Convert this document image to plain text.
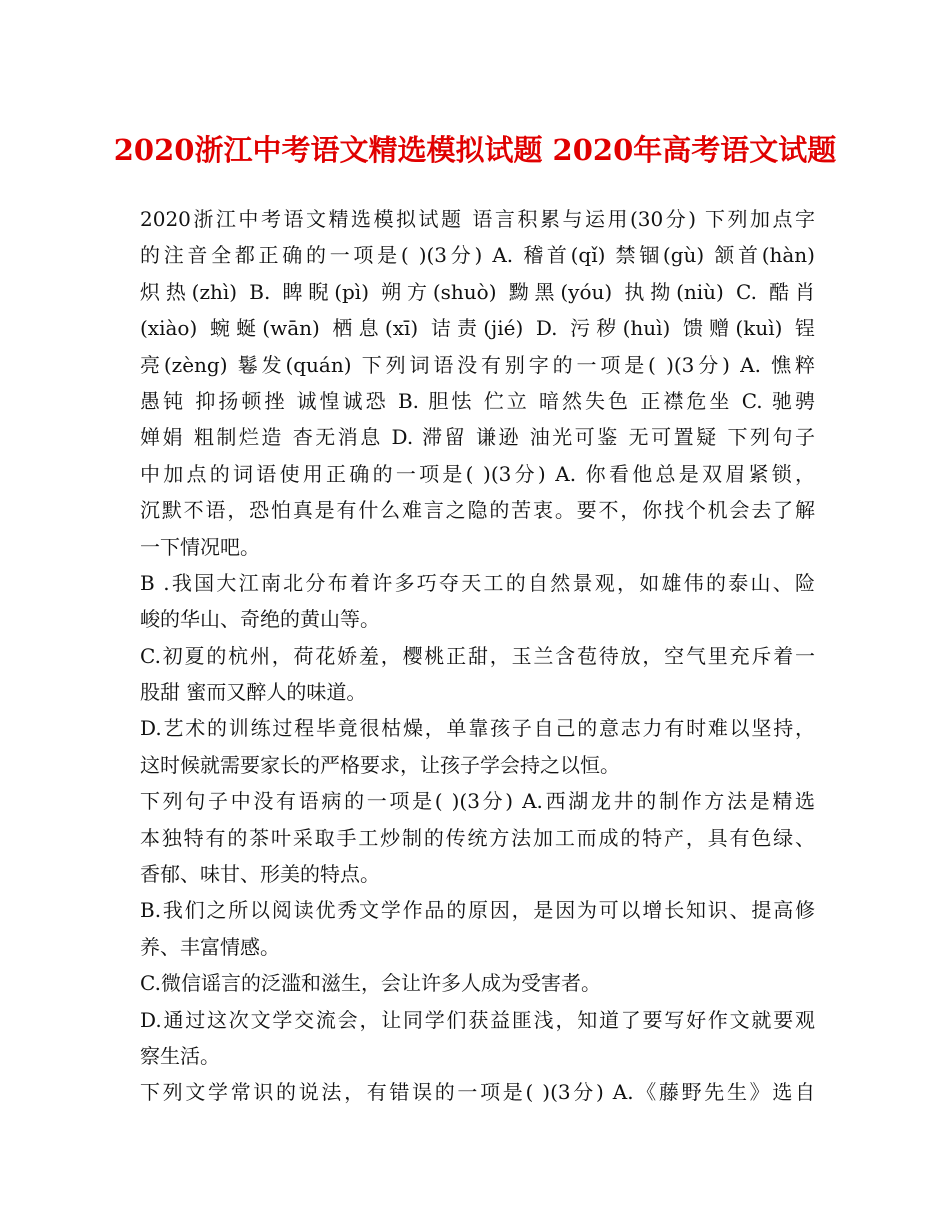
2020浙江中考语文精选模拟试题 2020年高考语文试题
2020浙江中考语文精选模拟试题 语言积累与运用(30分) 下列加点字
的注音全都正确的一项是( )(3分) A. 稽首(qǐ) 禁锢(gù) 颔首(hàn)
炽热(zhì) B. 睥睨(pì) 朔方(shuò) 黝黑(yóu) 执拗(niù) C. 酷肖
(xiào) 蜿蜒(wān) 栖息(xī) 诘责(jié) D. 污秽(huì) 馈赠(kuì) 锃
亮(zèng) 鬈发(quán) 下列词语没有别字的一项是( )(3分) A. 憔粹
愚钝 抑扬顿挫 诚惶诚恐 B. 胆怯 伫立 暗然失色 正襟危坐 C. 驰骋
婵娟 粗制烂造 杳无消息 D. 滞留 谦逊 油光可鉴 无可置疑 下列句子
中加点的词语使用正确的一项是( )(3分) A. 你看他总是双眉紧锁，
沉默不语，恐怕真是有什么难言之隐的苦衷。要不，你找个机会去了解
一下情况吧。
B .我国大江南北分布着许多巧夺天工的自然景观，如雄伟的泰山、险
峻的华山、奇绝的黄山等。
C.初夏的杭州，荷花娇羞，樱桃正甜，玉兰含苞待放，空气里充斥着一
股甜 蜜而又醉人的味道。
D.艺术的训练过程毕竟很枯燥，单靠孩子自己的意志力有时难以坚持，
这时候就需要家长的严格要求，让孩子学会持之以恒。
下列句子中没有语病的一项是( )(3分) A.西湖龙井的制作方法是精选
本独特有的茶叶采取手工炒制的传统方法加工而成的特产，具有色绿、
香郁、味甘、形美的特点。
B.我们之所以阅读优秀文学作品的原因，是因为可以增长知识、提高修
养、丰富情感。
C.微信谣言的泛滥和滋生，会让许多人成为受害者。
D.通过这次文学交流会，让同学们获益匪浅，知道了要写好作文就要观
察生活。
下列文学常识的说法，有错误的一项是( )(3分) A.《藤野先生》选自
